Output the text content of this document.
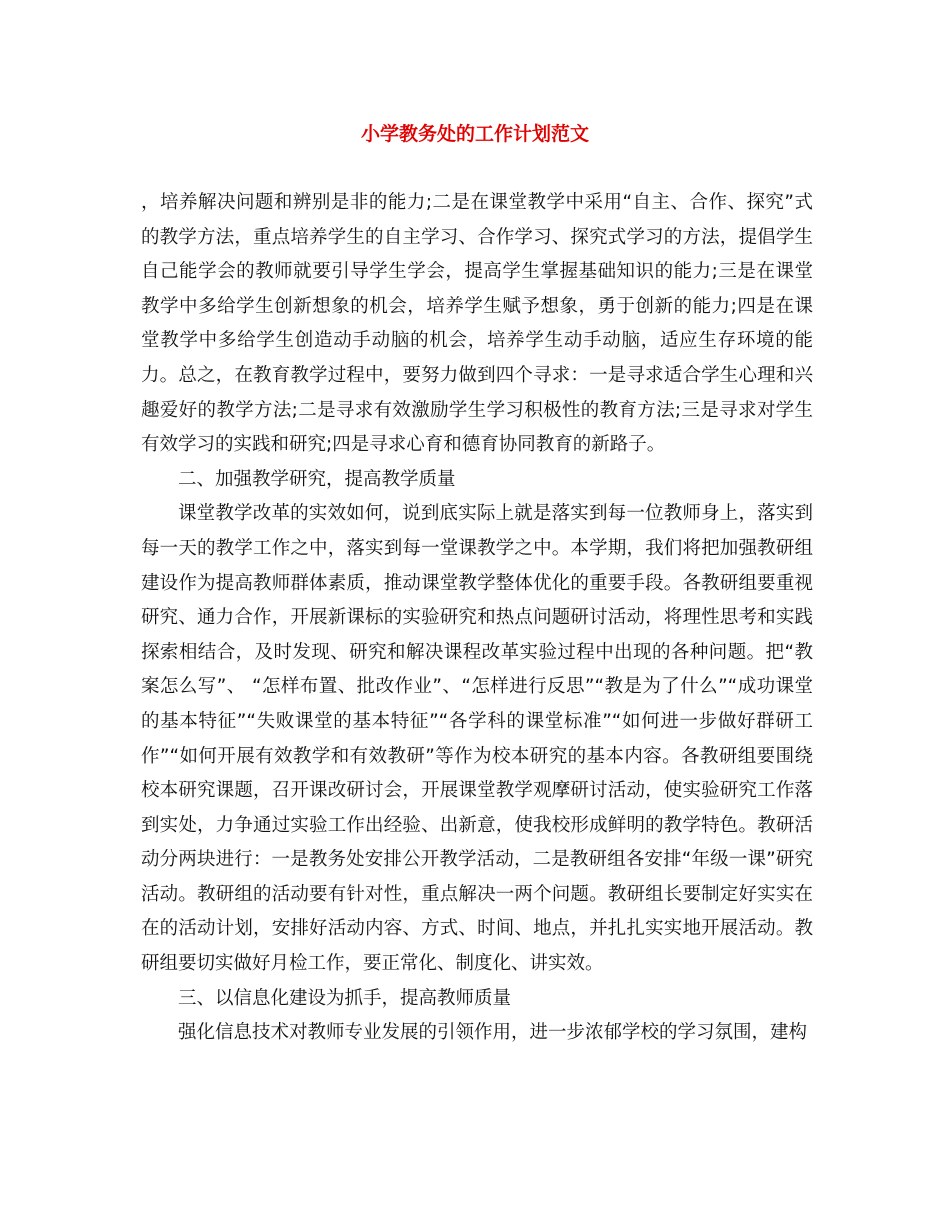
小学教务处的工作计划范文

，培养解决问题和辨别是非的能力;二是在课堂教学中采用“自主、合作、探究”式的教学方法，重点培养学生的自主学习、合作学习、探究式学习的方法，提倡学生自己能学会的教师就要引导学生学会，提高学生掌握基础知识的能力;三是在课堂教学中多给学生创新想象的机会，培养学生赋予想象，勇于创新的能力;四是在课堂教学中多给学生创造动手动脑的机会，培养学生动手动脑，适应生存环境的能力。总之，在教育教学过程中，要努力做到四个寻求：一是寻求适合学生心理和兴趣爱好的教学方法;二是寻求有效激励学生学习积极性的教育方法;三是寻求对学生有效学习的实践和研究;四是寻求心育和德育协同教育的新路子。

二、加强教学研究，提高教学质量

课堂教学改革的实效如何，说到底实际上就是落实到每一位教师身上，落实到每一天的教学工作之中，落实到每一堂课教学之中。本学期，我们将把加强教研组建设作为提高教师群体素质，推动课堂教学整体优化的重要手段。各教研组要重视研究、通力合作，开展新课标的实验研究和热点问题研讨活动，将理性思考和实践探索相结合，及时发现、研究和解决课程改革实验过程中出现的各种问题。把“教案怎么写”、 “怎样布置、批改作业”、“怎样进行反思”“教是为了什么”“成功课堂的基本特征”“失败课堂的基本特征”“各学科的课堂标准”“如何进一步做好群研工作”“如何开展有效教学和有效教研”等作为校本研究的基本内容。各教研组要围绕校本研究课题，召开课改研讨会，开展课堂教学观摩研讨活动，使实验研究工作落到实处，力争通过实验工作出经验、出新意，使我校形成鲜明的教学特色。教研活动分两块进行：一是教务处安排公开教学活动，二是教研组各安排“年级一课”研究活动。教研组的活动要有针对性，重点解决一两个问题。教研组长要制定好实实在在的活动计划，安排好活动内容、方式、时间、地点，并扎扎实实地开展活动。教研组要切实做好月检工作，要正常化、制度化、讲实效。

三、以信息化建设为抓手，提高教师质量

强化信息技术对教师专业发展的引领作用，进一步浓郁学校的学习氛围，建构
